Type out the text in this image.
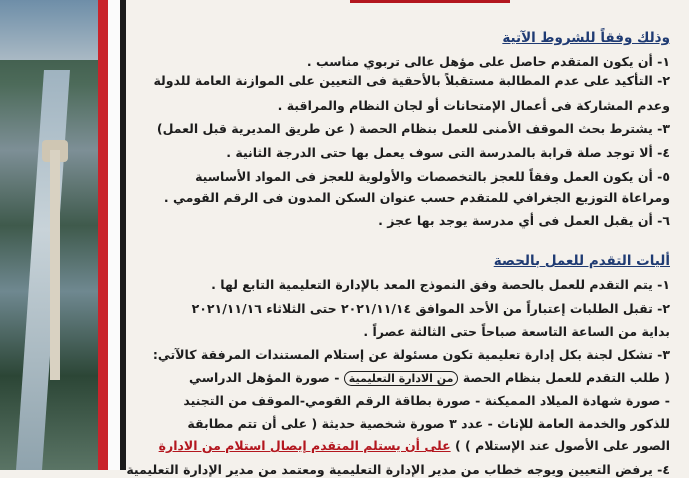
وذلك وفقاً للشروط الآتية
١- أن يكون المتقدم حاصل على مؤهل عالى تربوي مناسب .
٢- التأكيد على عدم المطالبة مستقبلاً بالأحقية فى التعيين على الموازنة العامة للدولة
وعدم المشاركة فى أعمال الإمتحانات أو لجان النظام والمراقبة .
٣- يشترط بحث الموقف الأمنى للعمل بنظام الحصة ( عن طريق المديرية قبل العمل)
٤- ألا توجد صلة قرابة بالمدرسة التى سوف يعمل بها حتى الدرجة الثانية .
٥- أن يكون العمل وفقاً للعجز بالتخصصات والأولوية للعجز فى المواد الأساسية
ومراعاة التوزيع الجغرافي للمتقدم حسب عنوان السكن المدون فى الرقم القومي .
٦- أن يقبل العمل فى أي مدرسة يوجد بها عجز .
أليات التقدم للعمل بالحصة
١- يتم التقدم للعمل بالحصة وفق النموذج المعد بالإدارة التعليمية التابع لها .
٢- تقبل الطلبات إعتباراً من الأحد الموافق ٢٠٢١/١١/١٤ حتى الثلاثاء ٢٠٢١/١١/١٦
بداية من الساعة التاسعة صباحاً حتى الثالثة عصراً .
٣- تشكل لجنة بكل إدارة تعليمية تكون مسئولة عن إستلام المستندات المرفقة كالآتي:
( طلب التقدم للعمل بنظام الحصة من الادارة التعليمية - صورة المؤهل الدراسي
- صورة شهادة الميلاد المميكنة - صورة بطاقة الرقم القومي-الموقف من التجنيد
للذكور والخدمة العامة للإناث - عدد ٣ صورة شخصية حديثة ( على أن تتم مطابقة
الصور على الأصول عند الإستلام ) ) على أن يستلم المتقدم إيصال استلام من الادارة
٤- يرفض التعيين ويوجه خطاب من مدير الإدارة التعليمية ومعتمد من مدير الإدارة التعليمية
